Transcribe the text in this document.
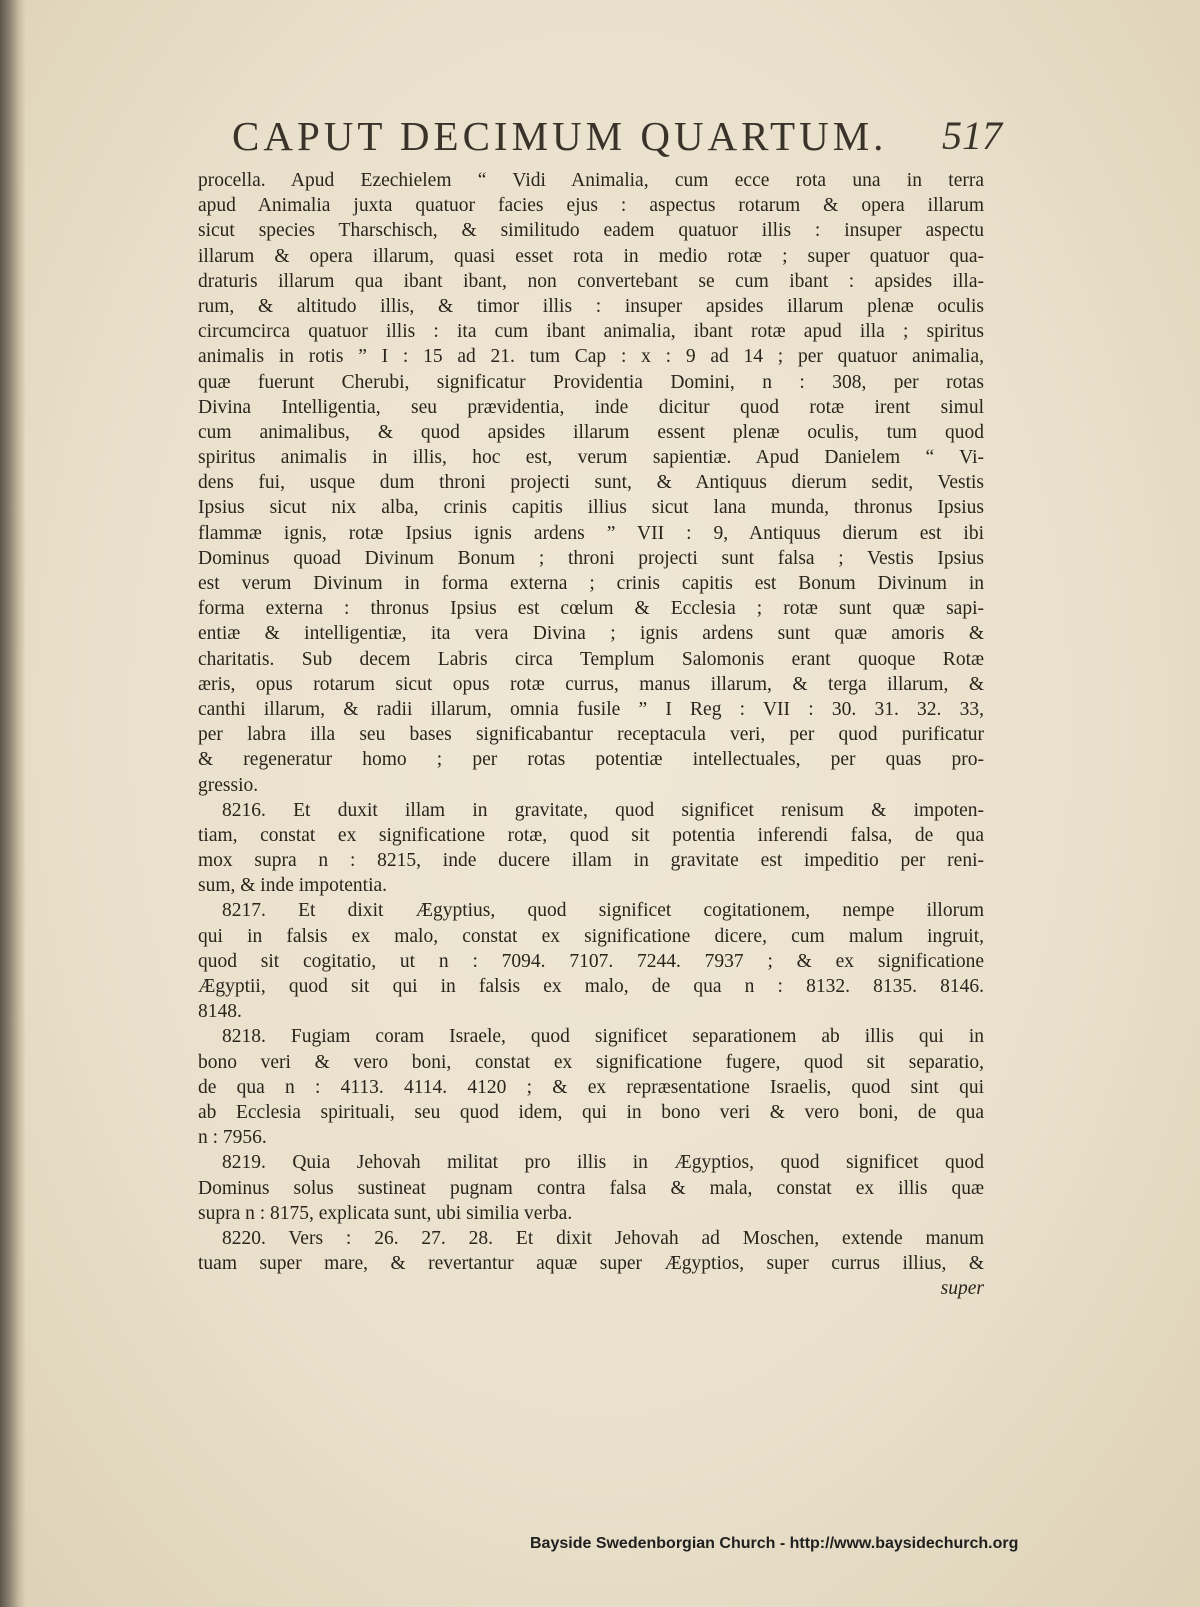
CAPUT DECIMUM QUARTUM. 517
procella. Apud Ezechielem “ Vidi Animalia, cum ecce rota una in terra
apud Animalia juxta quatuor facies ejus : aspectus rotarum & opera illarum
sicut species Tharschisch, & similitudo eadem quatuor illis : insuper aspectu
illarum & opera illarum, quasi esset rota in medio rotæ ; super quatuor qua-
draturis illarum qua ibant ibant, non convertebant se cum ibant : apsides illa-
rum, & altitudo illis, & timor illis : insuper apsides illarum plenæ oculis
circumcirca quatuor illis : ita cum ibant animalia, ibant rotæ apud illa ; spiritus
animalis in rotis ” I : 15 ad 21. tum Cap : x : 9 ad 14 ; per quatuor animalia,
quæ fuerunt Cherubi, significatur Providentia Domini, n : 308, per rotas
Divina Intelligentia, seu prævidentia, inde dicitur quod rotæ irent simul
cum animalibus, & quod apsides illarum essent plenæ oculis, tum quod
spiritus animalis in illis, hoc est, verum sapientiæ. Apud Danielem “ Vi-
dens fui, usque dum throni projecti sunt, & Antiquus dierum sedit, Vestis
Ipsius sicut nix alba, crinis capitis illius sicut lana munda, thronus Ipsius
flammæ ignis, rotæ Ipsius ignis ardens ” VII : 9, Antiquus dierum est ibi
Dominus quoad Divinum Bonum ; throni projecti sunt falsa ; Vestis Ipsius
est verum Divinum in forma externa ; crinis capitis est Bonum Divinum in
forma externa : thronus Ipsius est cœlum & Ecclesia ; rotæ sunt quæ sapi-
entiæ & intelligentiæ, ita vera Divina ; ignis ardens sunt quæ amoris &
charitatis. Sub decem Labris circa Templum Salomonis erant quoque Rotæ
æris, opus rotarum sicut opus rotæ currus, manus illarum, & terga illarum, &
canthi illarum, & radii illarum, omnia fusile ” I Reg : VII : 30. 31. 32. 33,
per labra illa seu bases significabantur receptacula veri, per quod purificatur
& regeneratur homo ; per rotas potentiæ intellectuales, per quas pro-
gressio.
8216. Et duxit illam in gravitate, quod significet renisum & impoten-
tiam, constat ex significatione rotæ, quod sit potentia inferendi falsa, de qua
mox supra n : 8215, inde ducere illam in gravitate est impeditio per reni-
sum, & inde impotentia.
8217. Et dixit Ægyptius, quod significet cogitationem, nempe illorum
qui in falsis ex malo, constat ex significatione dicere, cum malum ingruit,
quod sit cogitatio, ut n : 7094. 7107. 7244. 7937 ; & ex significatione
Ægyptii, quod sit qui in falsis ex malo, de qua n : 8132. 8135. 8146.
8148.
8218. Fugiam coram Israele, quod significet separationem ab illis qui in
bono veri & vero boni, constat ex significatione fugere, quod sit separatio,
de qua n : 4113. 4114. 4120 ; & ex repræsentatione Israelis, quod sint qui
ab Ecclesia spirituali, seu quod idem, qui in bono veri & vero boni, de qua
n : 7956.
8219. Quia Jehovah militat pro illis in Ægyptios, quod significet quod
Dominus solus sustineat pugnam contra falsa & mala, constat ex illis quæ
supra n : 8175, explicata sunt, ubi similia verba.
8220. Vers : 26. 27. 28. Et dixit Jehovah ad Moschen, extende manum
tuam super mare, & revertantur aquæ super Ægyptios, super currus illius, &
super
Bayside Swedenborgian Church - http://www.baysidechurch.org
